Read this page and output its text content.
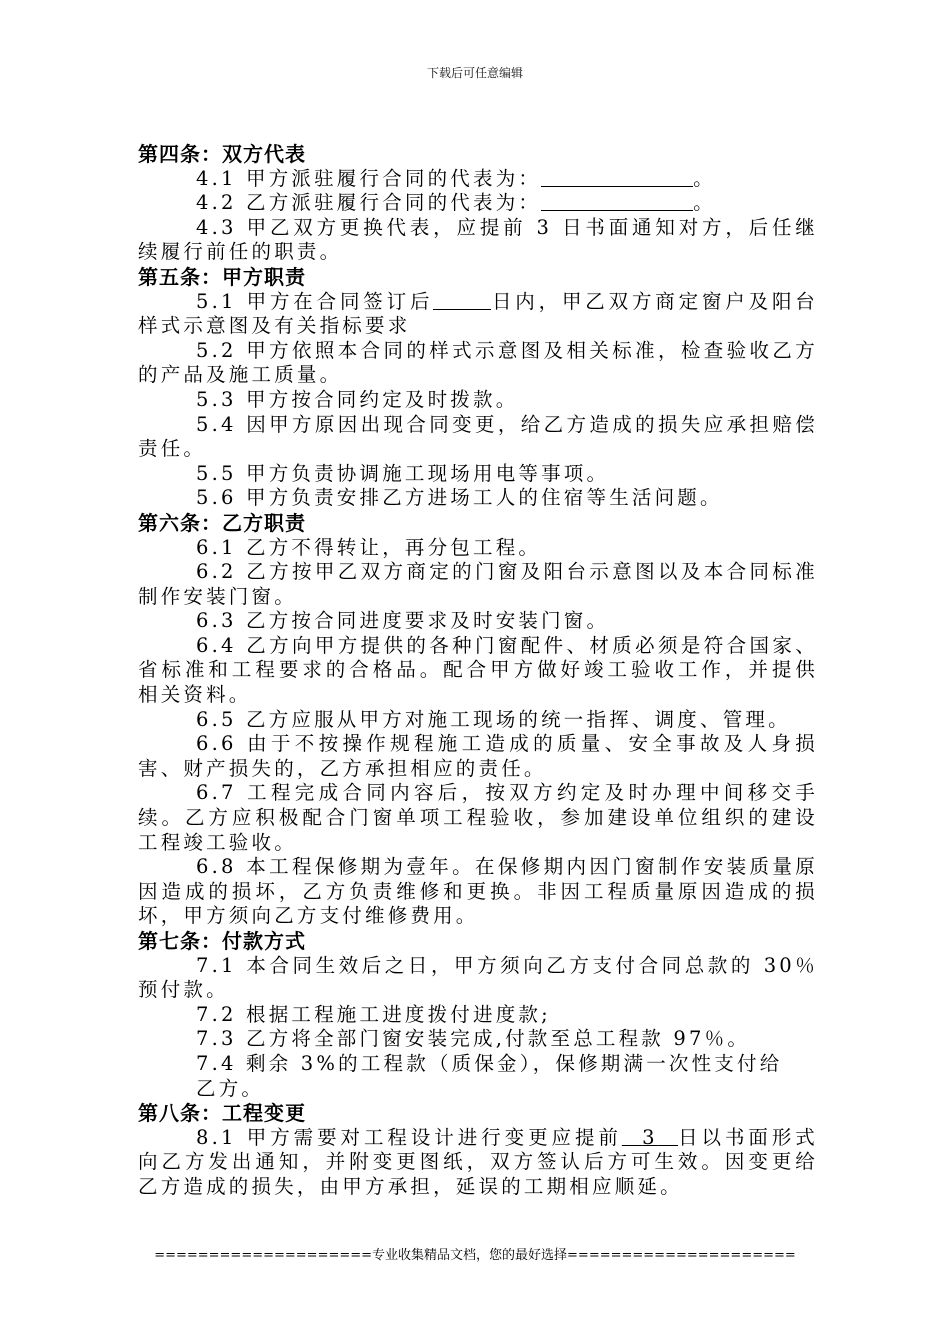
下载后可任意编辑
第四条：双方代表
4.1 甲方派驻履行合同的代表为：	。
4.2 乙方派驻履行合同的代表为：	。
4.3 甲乙双方更换代表，应提前 3 日书面通知对方，后任继续履行前任的职责。
第五条：甲方职责
5.1 甲方在合同签订后	日内，甲乙双方商定窗户及阳台样式示意图及有关指标要求
5.2 甲方依照本合同的样式示意图及相关标准，检查验收乙方的产品及施工质量。
5.3 甲方按合同约定及时拨款。
5.4 因甲方原因出现合同变更，给乙方造成的损失应承担赔偿责任。
5.5 甲方负责协调施工现场用电等事项。
5.6 甲方负责安排乙方进场工人的住宿等生活问题。
第六条：乙方职责
6.1 乙方不得转让，再分包工程。
6.2 乙方按甲乙双方商定的门窗及阳台示意图以及本合同标准制作安装门窗。
6.3 乙方按合同进度要求及时安装门窗。
6.4 乙方向甲方提供的各种门窗配件、材质必须是符合国家、省标准和工程要求的合格品。配合甲方做好竣工验收工作，并提供相关资料。
6.5 乙方应服从甲方对施工现场的统一指挥、调度、管理。
6.6 由于不按操作规程施工造成的质量、安全事故及人身损害、财产损失的，乙方承担相应的责任。
6.7 工程完成合同内容后，按双方约定及时办理中间移交手续。乙方应积极配合门窗单项工程验收，参加建设单位组织的建设工程竣工验收。
6.8 本工程保修期为壹年。在保修期内因门窗制作安装质量原因造成的损坏，乙方负责维修和更换。非因工程质量原因造成的损坏，甲方须向乙方支付维修费用。
第七条：付款方式
7.1 本合同生效后之日，甲方须向乙方支付合同总款的 30％预付款。
7.2 根据工程施工进度拨付进度款;
7.3 乙方将全部门窗安装完成,付款至总工程款 97％。
7.4 剩余 3%的工程款（质保金），保修期满一次性支付给
乙方。
第八条：工程变更
8.1 甲方需要对工程设计进行变更应提前 3 日以书面形式向乙方发出通知，并附变更图纸，双方签认后方可生效。因变更给乙方造成的损失，由甲方承担，延误的工期相应顺延。
====================专业收集精品文档，您的最好选择=====================
